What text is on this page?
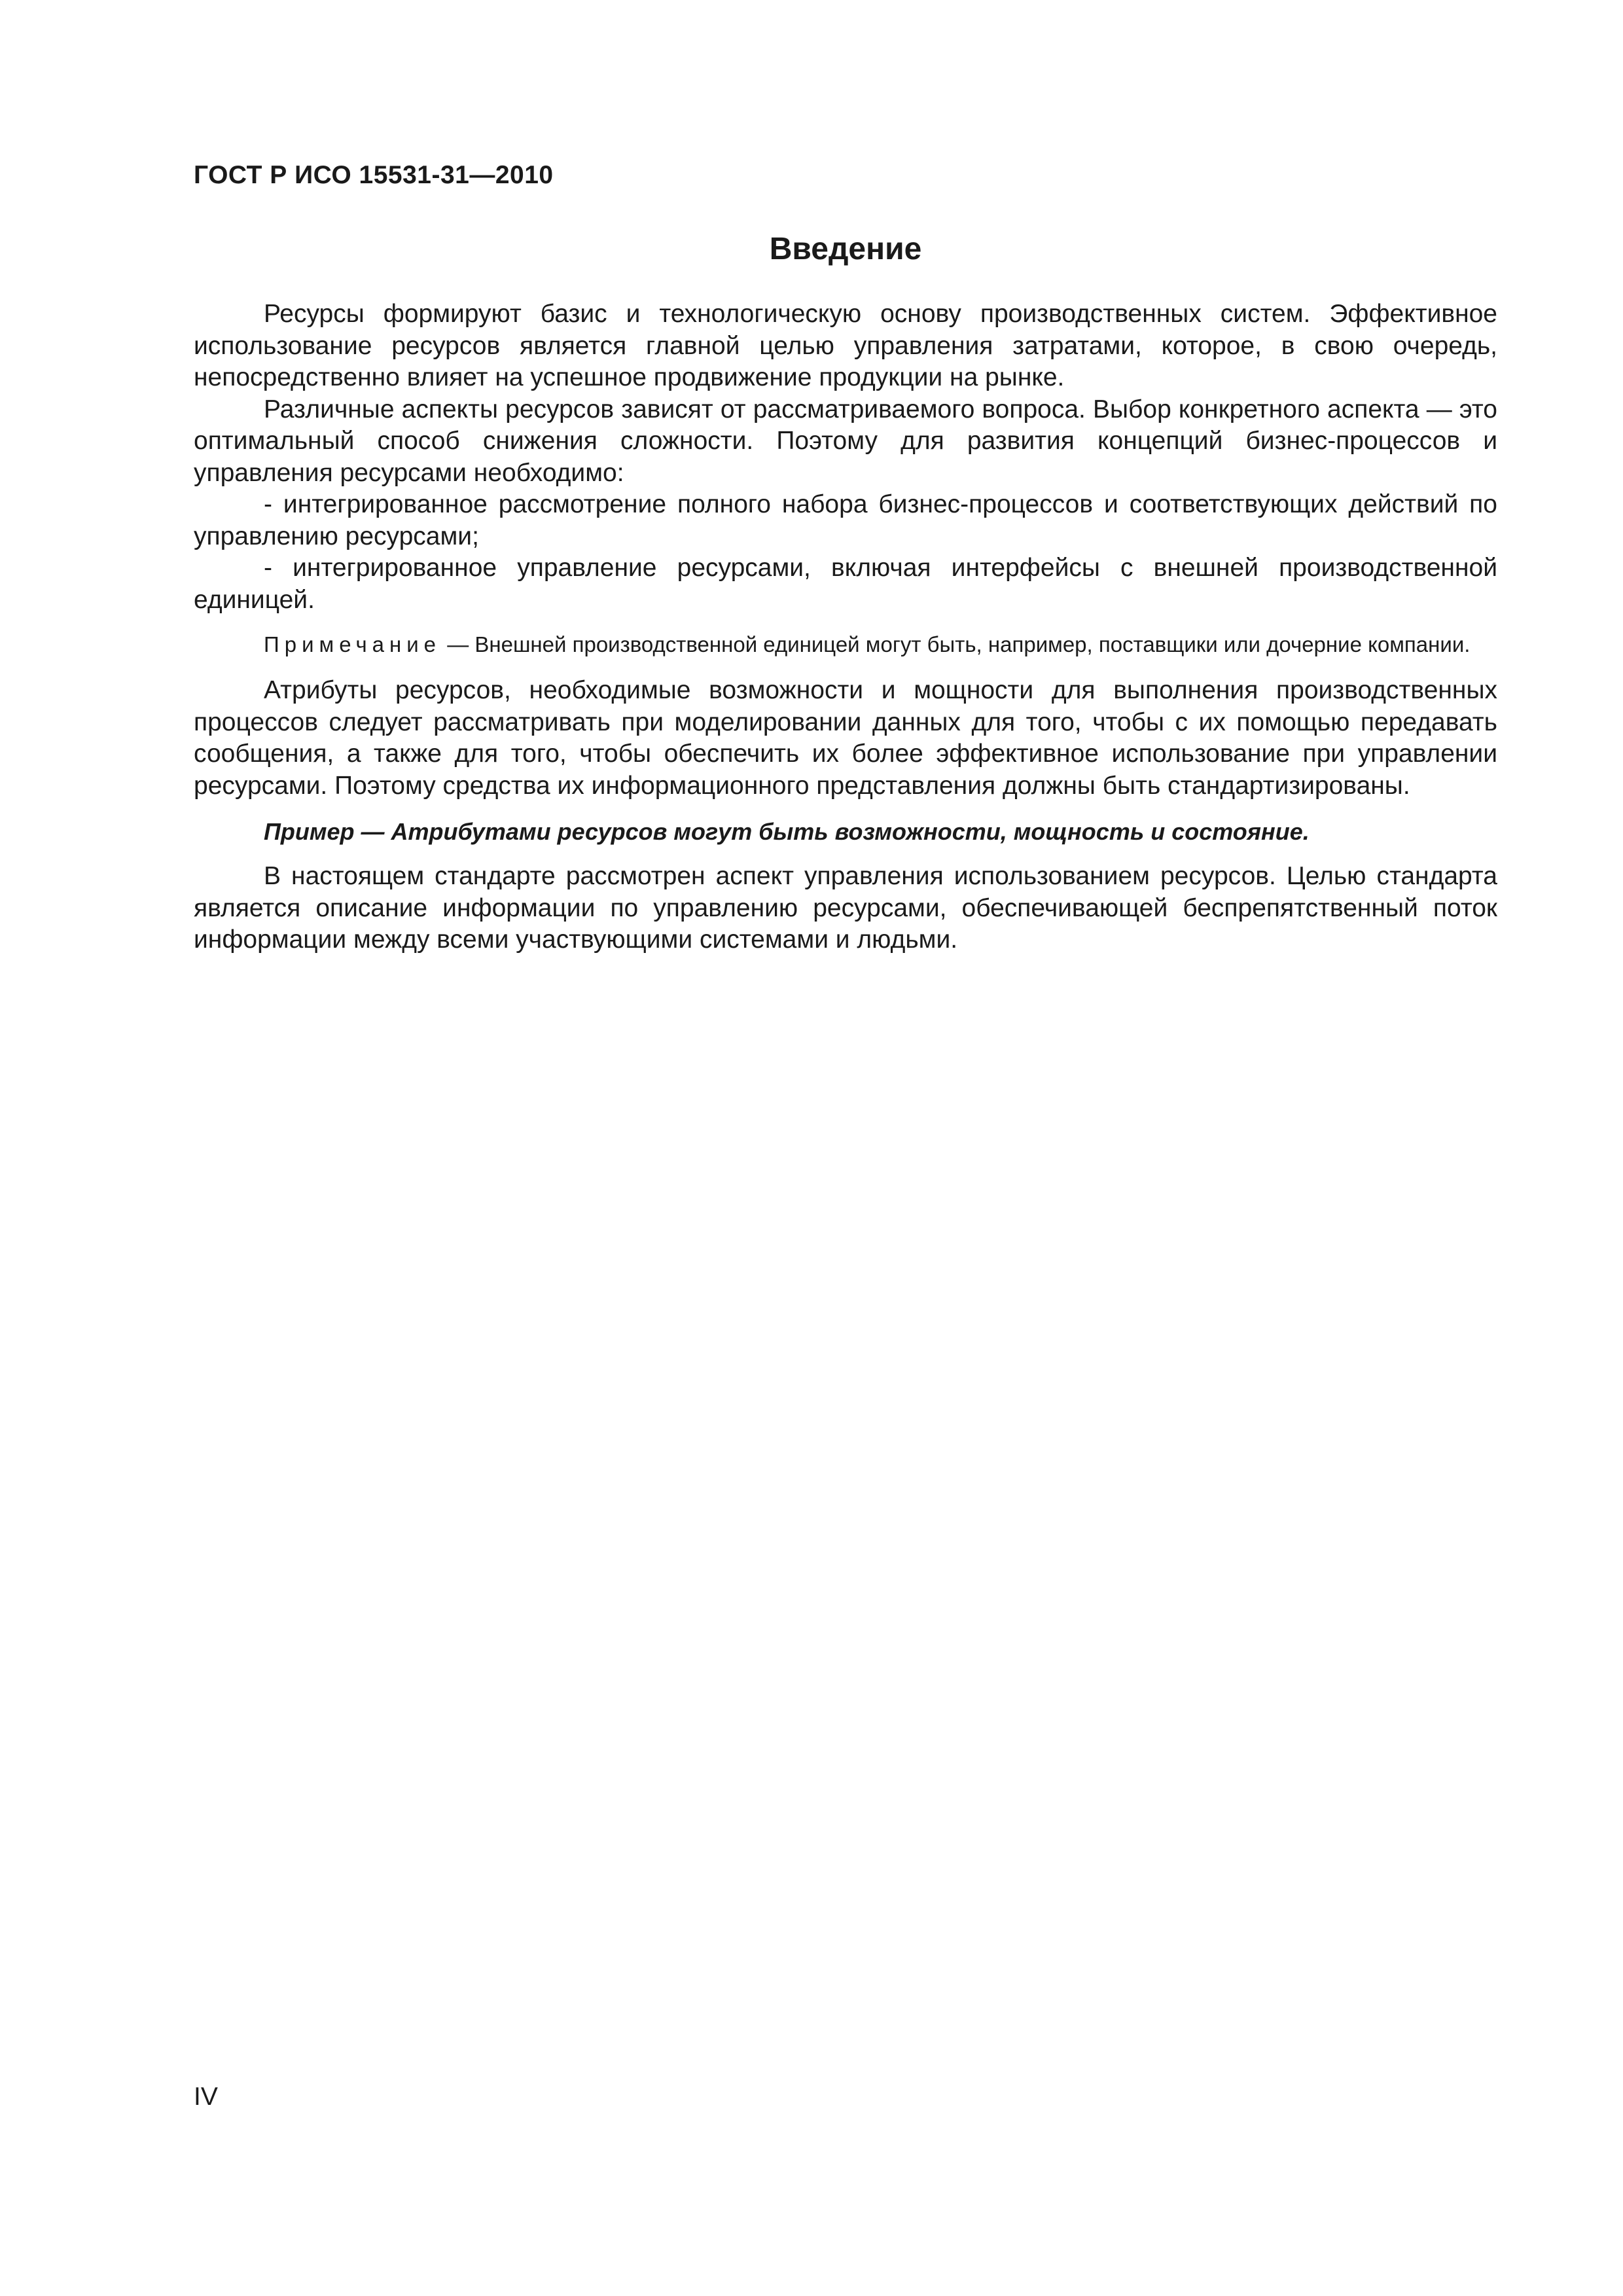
ГОСТ Р ИСО 15531-31—2010
Введение

Ресурсы формируют базис и технологическую основу производственных систем. Эффективное использование ресурсов является главной целью управления затратами, которое, в свою очередь, непосредственно влияет на успешное продвижение продукции на рынке.

Различные аспекты ресурсов зависят от рассматриваемого вопроса. Выбор конкретного аспекта — это оптимальный способ снижения сложности. Поэтому для развития концепций бизнес-процессов и управления ресурсами необходимо:

- интегрированное рассмотрение полного набора бизнес-процессов и соответствующих действий по управлению ресурсами;

- интегрированное управление ресурсами, включая интерфейсы с внешней производственной единицей.

Примечание — Внешней производственной единицей могут быть, например, поставщики или дочерние компании.

Атрибуты ресурсов, необходимые возможности и мощности для выполнения производственных процессов следует рассматривать при моделировании данных для того, чтобы с их помощью передавать сообщения, а также для того, чтобы обеспечить их более эффективное использование при управлении ресурсами. Поэтому средства их информационного представления должны быть стандартизированы.

Пример — Атрибутами ресурсов могут быть возможности, мощность и состояние.

В настоящем стандарте рассмотрен аспект управления использованием ресурсов. Целью стандарта является описание информации по управлению ресурсами, обеспечивающей беспрепятственный поток информации между всеми участвующими системами и людьми.

IV
